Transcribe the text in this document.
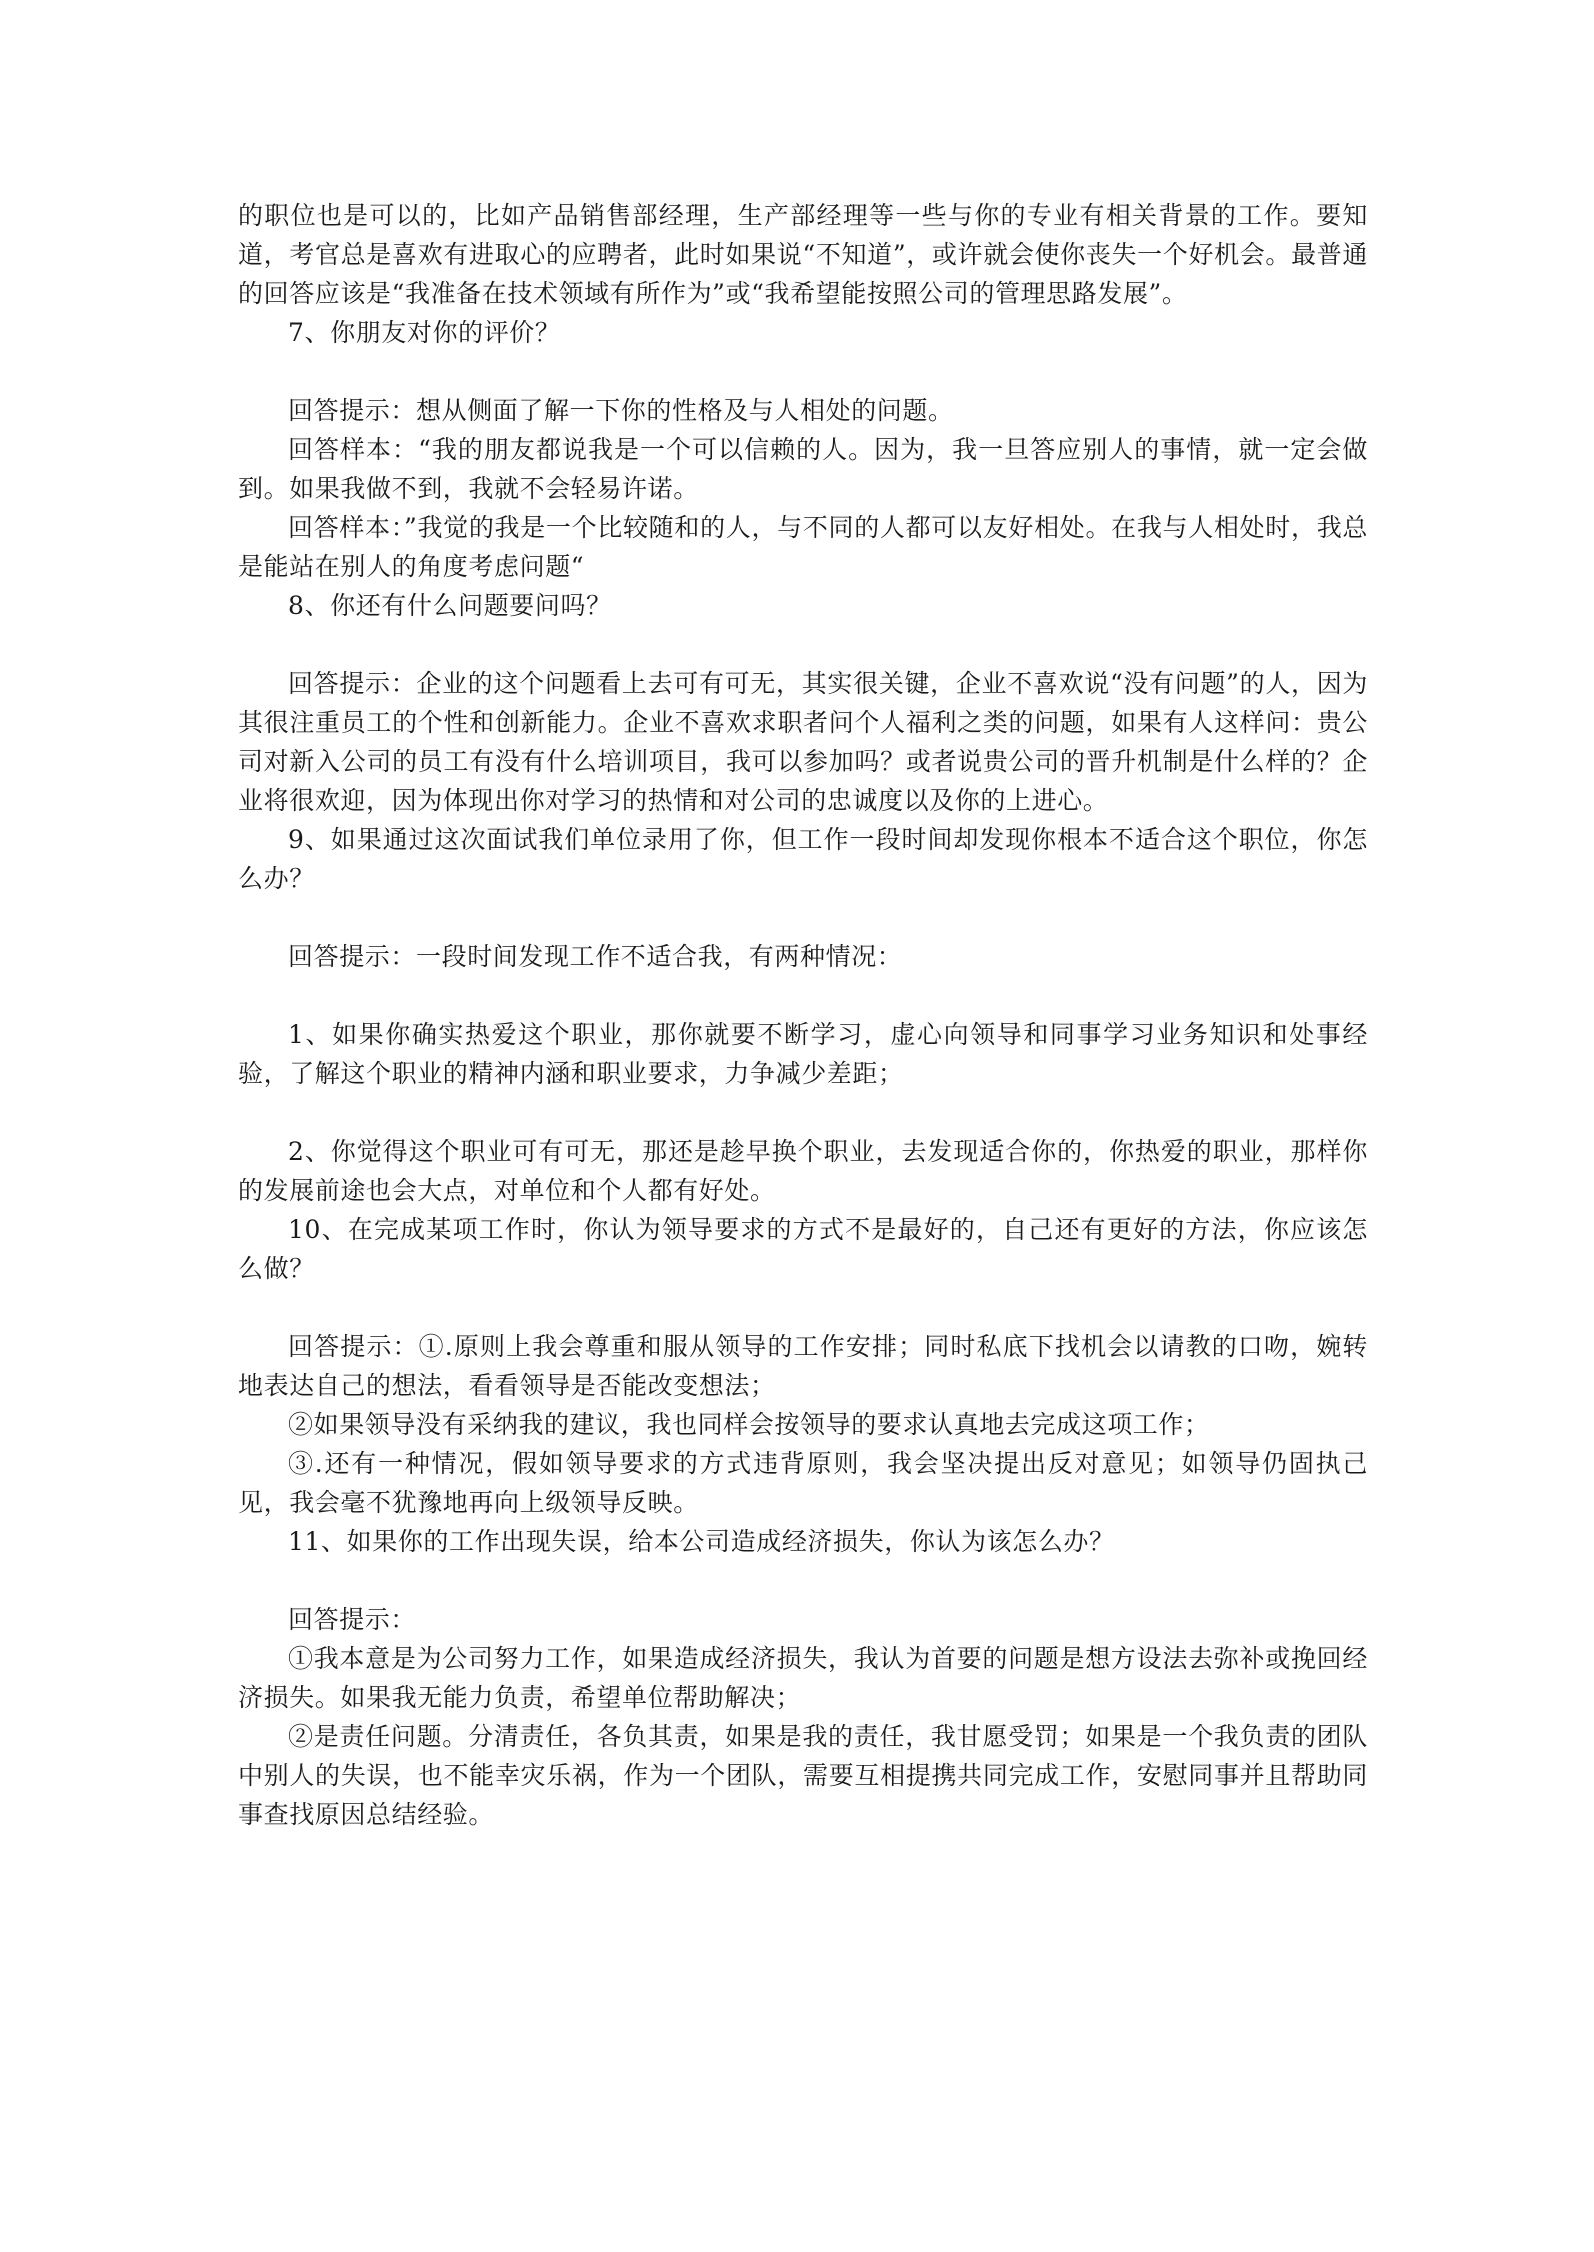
的职位也是可以的，比如产品销售部经理，生产部经理等一些与你的专业有相关背景的工作。要知道，考官总是喜欢有进取心的应聘者，此时如果说“不知道”，或许就会使你丧失一个好机会。最普通的回答应该是“我准备在技术领域有所作为”或“我希望能按照公司的管理思路发展”。

7、你朋友对你的评价？

回答提示：想从侧面了解一下你的性格及与人相处的问题。

回答样本：“我的朋友都说我是一个可以信赖的人。因为，我一旦答应别人的事情，就一定会做到。如果我做不到，我就不会轻易许诺。

回答样本：”我觉的我是一个比较随和的人，与不同的人都可以友好相处。在我与人相处时，我总是能站在别人的角度考虑问题“

8、你还有什么问题要问吗？

回答提示：企业的这个问题看上去可有可无，其实很关键，企业不喜欢说“没有问题”的人，因为其很注重员工的个性和创新能力。企业不喜欢求职者问个人福利之类的问题，如果有人这样问：贵公司对新入公司的员工有没有什么培训项目，我可以参加吗？或者说贵公司的晋升机制是什么样的？企业将很欢迎，因为体现出你对学习的热情和对公司的忠诚度以及你的上进心。

9、如果通过这次面试我们单位录用了你，但工作一段时间却发现你根本不适合这个职位，你怎么办？

回答提示：一段时间发现工作不适合我，有两种情况：

1、如果你确实热爱这个职业，那你就要不断学习，虚心向领导和同事学习业务知识和处事经验，了解这个职业的精神内涵和职业要求，力争减少差距；

2、你觉得这个职业可有可无，那还是趁早换个职业，去发现适合你的，你热爱的职业，那样你的发展前途也会大点，对单位和个人都有好处。

10、在完成某项工作时，你认为领导要求的方式不是最好的，自己还有更好的方法，你应该怎么做？

回答提示：①.原则上我会尊重和服从领导的工作安排；同时私底下找机会以请教的口吻，婉转地表达自己的想法，看看领导是否能改变想法；

②如果领导没有采纳我的建议，我也同样会按领导的要求认真地去完成这项工作；

③.还有一种情况，假如领导要求的方式违背原则，我会坚决提出反对意见；如领导仍固执己见，我会毫不犹豫地再向上级领导反映。

11、如果你的工作出现失误，给本公司造成经济损失，你认为该怎么办？

回答提示：

①我本意是为公司努力工作，如果造成经济损失，我认为首要的问题是想方设法去弥补或挽回经济损失。如果我无能力负责，希望单位帮助解决；

②是责任问题。分清责任，各负其责，如果是我的责任，我甘愿受罚；如果是一个我负责的团队中别人的失误，也不能幸灾乐祸，作为一个团队，需要互相提携共同完成工作，安慰同事并且帮助同事查找原因总结经验。
